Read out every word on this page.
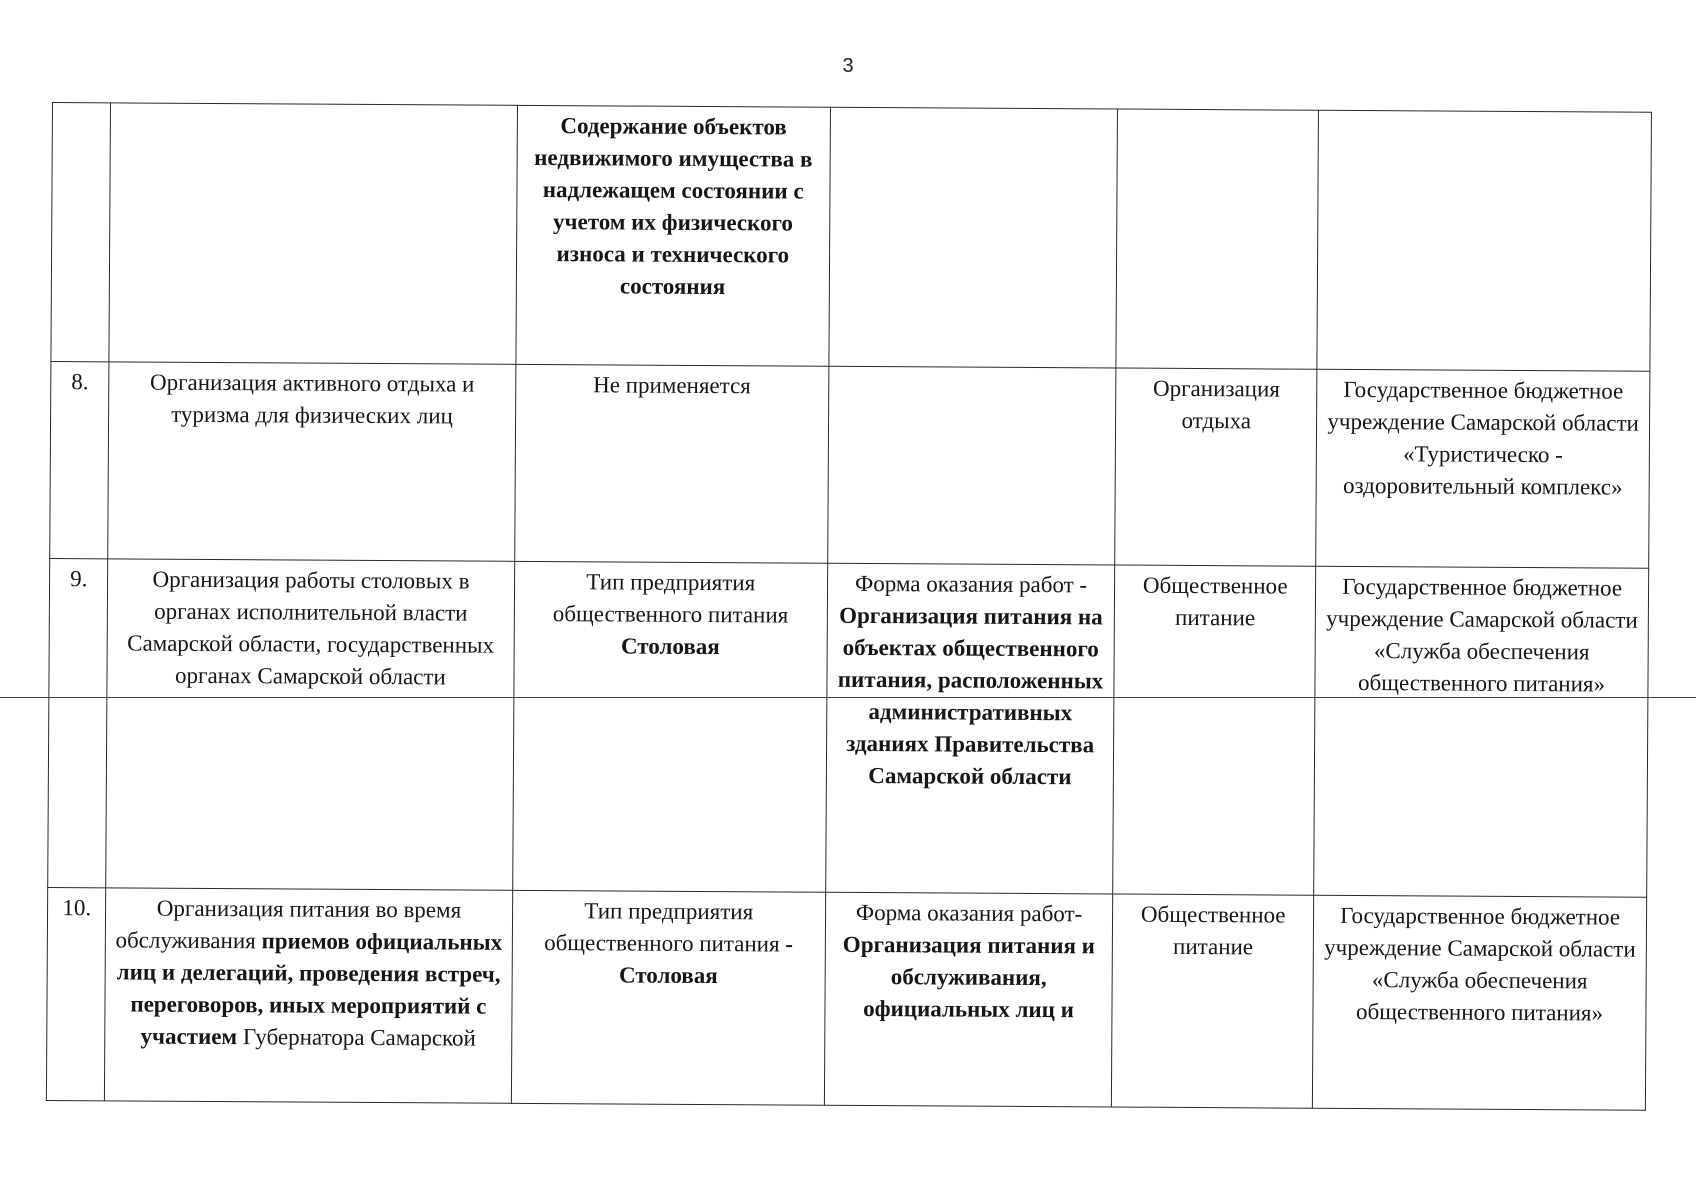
3
		Содержание объектов недвижимого имущества в надлежащем состоянии с учетом их физического износа и технического состояния			
8.	Организация активного отдыха и туризма для физических лиц	Не применяется		Организация отдыха	Государственное бюджетное учреждение Самарской области «Туристическо - оздоровительный комплекс»
9.	Организация работы столовых в органах исполнительной власти Самарской области, государственных органах Самарской области	Тип предприятия общественного питания Столовая	Форма оказания работ - Организация питания на объектах общественного питания, расположенных административных зданиях Правительства Самарской области	Общественное питание	Государственное бюджетное учреждение Самарской области «Служба обеспечения общественного питания»
10.	Организация питания во время обслуживания приемов официальных лиц и делегаций, проведения встреч, переговоров, иных мероприятий с участием Губернатора Самарской	Тип предприятия общественного питания - Столовая	Форма оказания работ- Организация питания и обслуживания, официальных лиц и	Общественное питание	Государственное бюджетное учреждение Самарской области «Служба обеспечения общественного питания»
